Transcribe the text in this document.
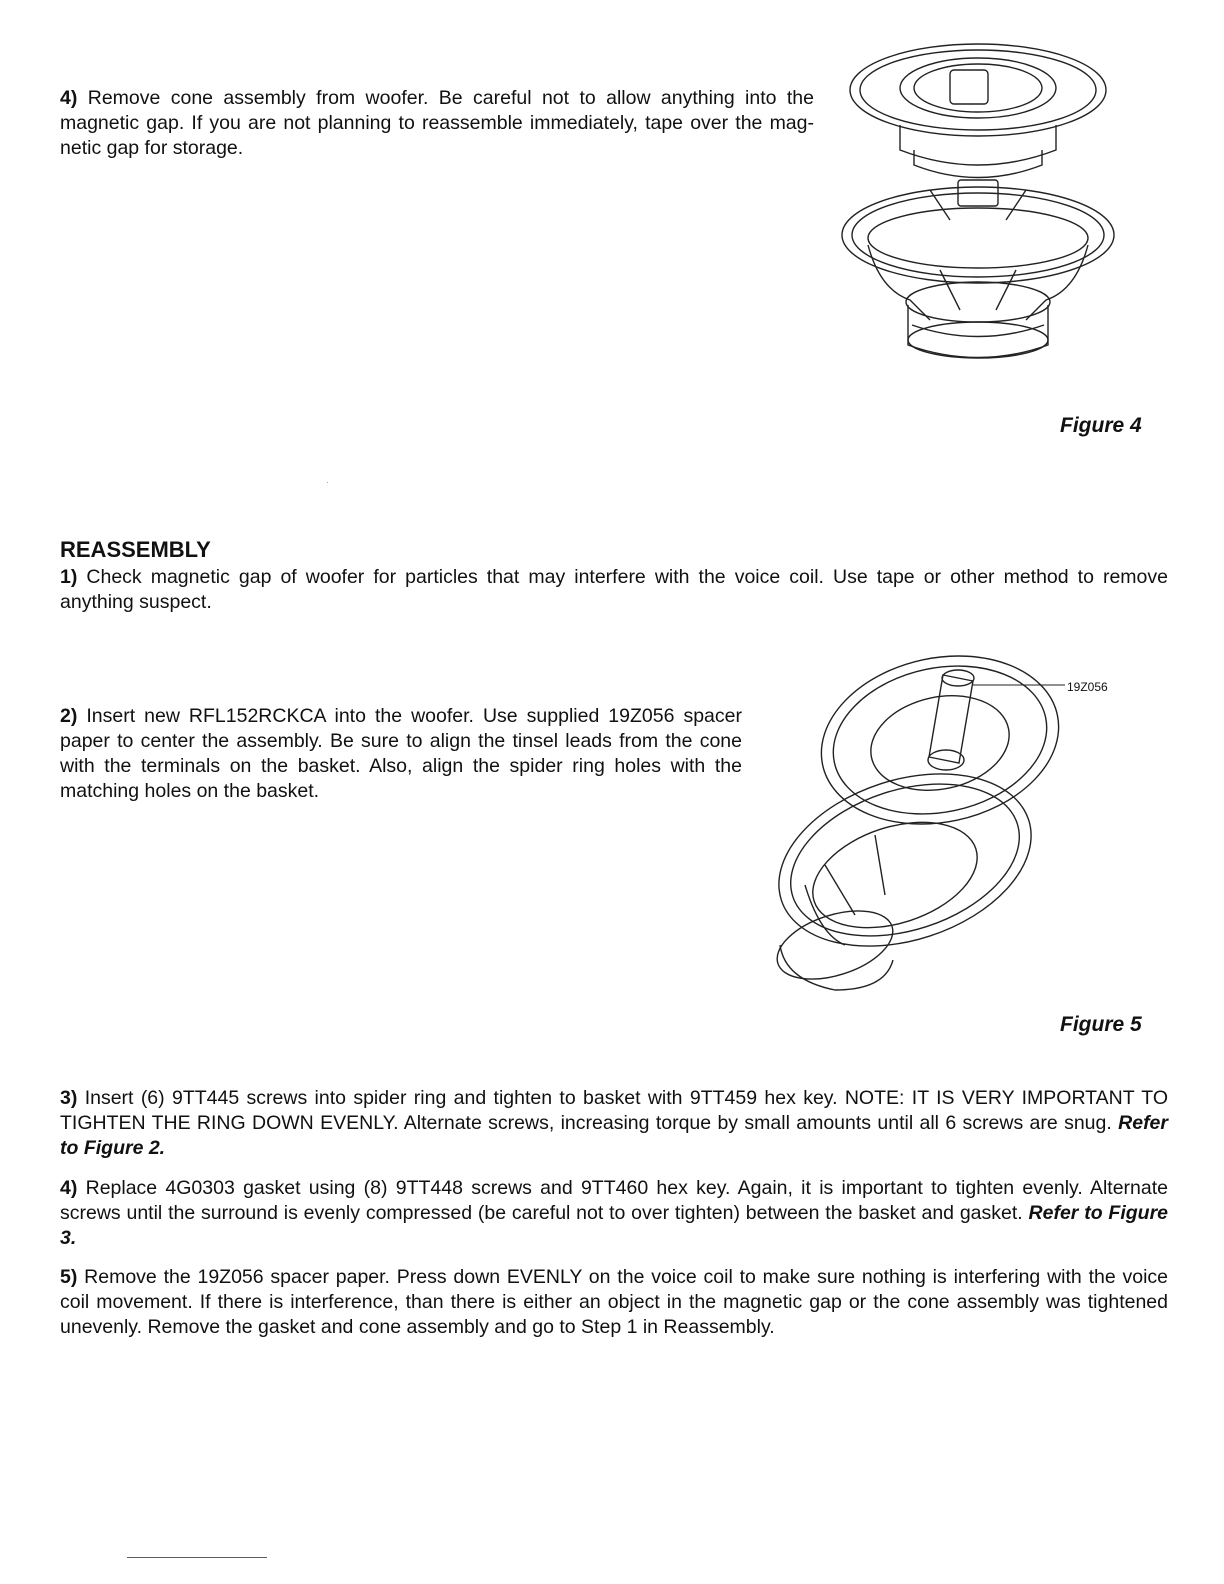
4) Remove cone assembly from woofer. Be careful not to allow anything into the magnetic gap. If you are not planning to reassemble immediately, tape over the mag-netic gap for storage.

Figure 4

·
REASSEMBLY

1) Check magnetic gap of woofer for particles that may interfere with the voice coil. Use tape or other method to remove anything suspect.

2) Insert new RFL152RCKCA into the woofer. Use supplied 19Z056 spacer paper to center the assembly. Be sure to align the tinsel leads from the cone with the terminals on the basket. Also, align the spider ring holes with the matching holes on the basket.

19Z056

Figure 5

3) Insert (6) 9TT445 screws into spider ring and tighten to basket with 9TT459 hex key. NOTE: IT IS VERY IMPORTANT TO TIGHTEN THE RING DOWN EVENLY. Alternate screws, increasing torque by small amounts until all 6 screws are snug. Refer to Figure 2.

4) Replace 4G0303 gasket using (8) 9TT448 screws and 9TT460 hex key. Again, it is important to tighten evenly. Alternate screws until the surround is evenly compressed (be careful not to over tighten) between the basket and gasket. Refer to Figure 3.

5) Remove the 19Z056 spacer paper. Press down EVENLY on the voice coil to make sure nothing is interfering with the voice coil movement. If there is interference, than there is either an object in the magnetic gap or the cone assembly was tightened unevenly. Remove the gasket and cone assembly and go to Step 1 in Reassembly.
